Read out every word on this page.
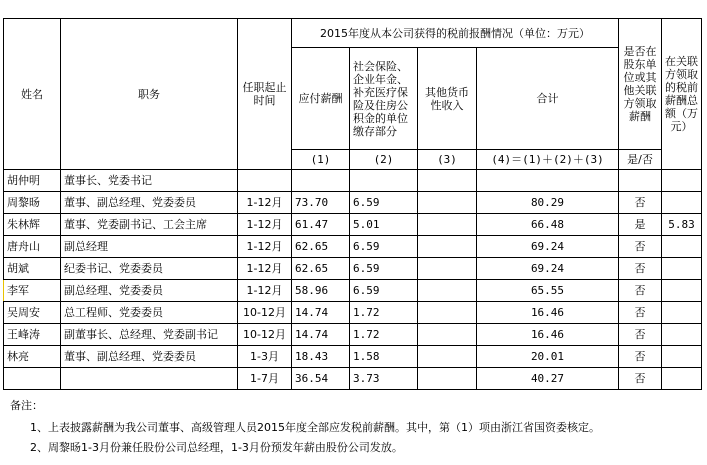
姓名	职务	任职起止时间	2015年度从本公司获得的税前报酬情况（单位：万元）				是否在股东单位或其他关联方领取薪酬	在关联方领取的税前薪酬总额（万元）
			应付薪酬	社会保险、企业年金、补充医疗保险及住房公积金的单位缴存部分	其他货币性收入	合计		
			(1)	(2)	(3)	(4)＝(1)＋(2)＋(3)	是/否	
胡仲明	董事长、党委书记							
周黎旸	董事、副总经理、党委委员	1-12月	73.70	6.59		80.29	否	
朱林辉	董事、党委副书记、工会主席	1-12月	61.47	5.01		66.48	是	5.83
唐舟山	副总经理	1-12月	62.65	6.59		69.24	否	
胡斌	纪委书记、党委委员	1-12月	62.65	6.59		69.24	否	
李军	副总经理、党委委员	1-12月	58.96	6.59		65.55	否	
吴周安	总工程师、党委委员	10-12月	14.74	1.72		16.46	否	
王峰涛	副董事长、总经理、党委副书记	10-12月	14.74	1.72		16.46	否	
林亮	董事、副总经理、党委委员	1-3月	18.43	1.58		20.01	否	
		1-7月	36.54	3.73		40.27	否	
备注：
1、上表披露薪酬为我公司董事、高级管理人员2015年度全部应发税前薪酬。其中，第（1）项由浙江省国资委核定。
2、周黎旸1-3月份兼任股份公司总经理，1-3月份预发年薪由股份公司发放。
